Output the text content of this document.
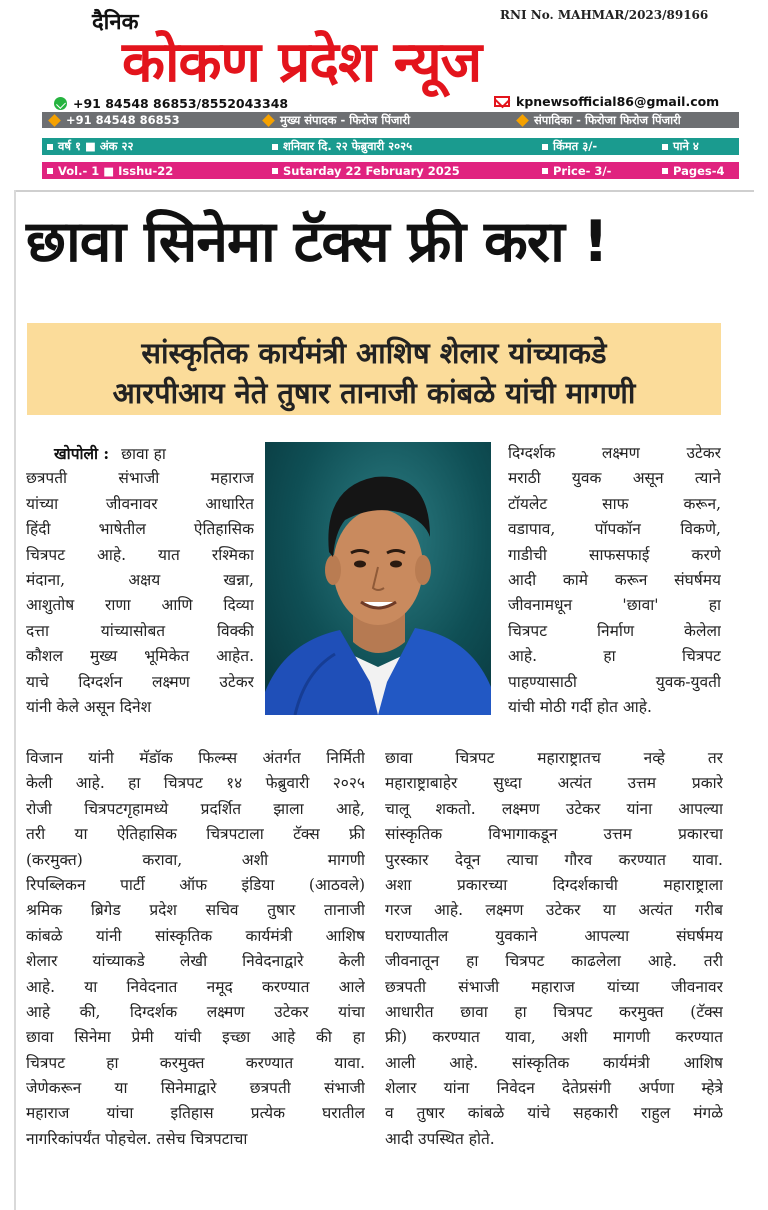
दैनिक	RNI No. MAHMAR/2023/89166
कोकण प्रदेश न्यूज
+91 84548 86853/8552043348	kpnewsofficial86@gmail.com
+91 84548 86853	मुख्य संपादक - फिरोज पिंजारी	संपादिका - फिरोजा फिरोज पिंजारी
वर्ष १ ■ अंक २२	शनिवार दि. २२ फेब्रुवारी २०२५	किंमत ३/-	पाने ४
Vol.- 1 ■ Isshu-22	Sutarday 22 February 2025	Price- 3/-	Pages-4
छावा सिनेमा टॅक्स फ्री करा !
सांस्कृतिक कार्यमंत्री आशिष शेलार यांच्याकडे
आरपीआय नेते तुषार तानाजी कांबळे यांची मागणी
खोपोली : छावा हा
छत्रपती संभाजी महाराज
यांच्या जीवनावर आधारित
हिंदी भाषेतील ऐतिहासिक
चित्रपट आहे. यात रश्मिका
मंदाना, अक्षय खन्ना,
आशुतोष राणा आणि दिव्या
दत्ता यांच्यासोबत विक्की
कौशल मुख्य भूमिकेत आहेत.
याचे दिग्दर्शन लक्ष्मण उटेकर
यांनी केले असून दिनेश
विजान यांनी मॅडॉक फिल्म्स अंतर्गत निर्मिती
केली आहे. हा चित्रपट १४ फेब्रुवारी २०२५
रोजी चित्रपटगृहामध्ये प्रदर्शित झाला आहे,
तरी या ऐतिहासिक चित्रपटाला टॅक्स फ्री
(करमुक्त) करावा, अशी मागणी
रिपब्लिकन पार्टी ऑफ इंडिया (आठवले)
श्रमिक ब्रिगेड प्रदेश सचिव तुषार तानाजी
कांबळे यांनी सांस्कृतिक कार्यमंत्री आशिष
शेलार यांच्याकडे लेखी निवेदनाद्वारे केली
आहे. या निवेदनात नमूद करण्यात आले
आहे की, दिग्दर्शक लक्ष्मण उटेकर यांचा
छावा सिनेमा प्रेमी यांची इच्छा आहे की हा
चित्रपट हा करमुक्त करण्यात यावा.
जेणेकरून या सिनेमाद्वारे छत्रपती संभाजी
महाराज यांचा इतिहास प्रत्येक घरातील
नागरिकांपर्यंत पोहचेल. तसेच चित्रपटाचा
दिग्दर्शक लक्ष्मण उटेकर
मराठी युवक असून त्याने
टॉयलेट साफ करून,
वडापाव, पॉपकॉन विकणे,
गाडीची साफसफाई करणे
आदी कामे करून संघर्षमय
जीवनामधून 'छावा' हा
चित्रपट निर्माण केलेला
आहे. हा चित्रपट
पाहण्यासाठी युवक-युवती
यांची मोठी गर्दी होत आहे.
छावा चित्रपट महाराष्ट्रातच नव्हे तर
महाराष्ट्राबाहेर सुध्दा अत्यंत उत्तम प्रकारे
चालू शकतो. लक्ष्मण उटेकर यांना आपल्या
सांस्कृतिक विभागाकडून उत्तम प्रकारचा
पुरस्कार देवून त्याचा गौरव करण्यात यावा.
अशा प्रकारच्या दिग्दर्शकाची महाराष्ट्राला
गरज आहे. लक्ष्मण उटेकर या अत्यंत गरीब
घराण्यातील युवकाने आपल्या संघर्षमय
जीवनातून हा चित्रपट काढलेला आहे. तरी
छत्रपती संभाजी महाराज यांच्या जीवनावर
आधारीत छावा हा चित्रपट करमुक्त (टॅक्स
फ्री) करण्यात यावा, अशी मागणी करण्यात
आली आहे. सांस्कृतिक कार्यमंत्री आशिष
शेलार यांना निवेदन देतेप्रसंगी अर्पणा म्हेत्रे
व तुषार कांबळे यांचे सहकारी राहुल मंगळे
आदी उपस्थित होते.
